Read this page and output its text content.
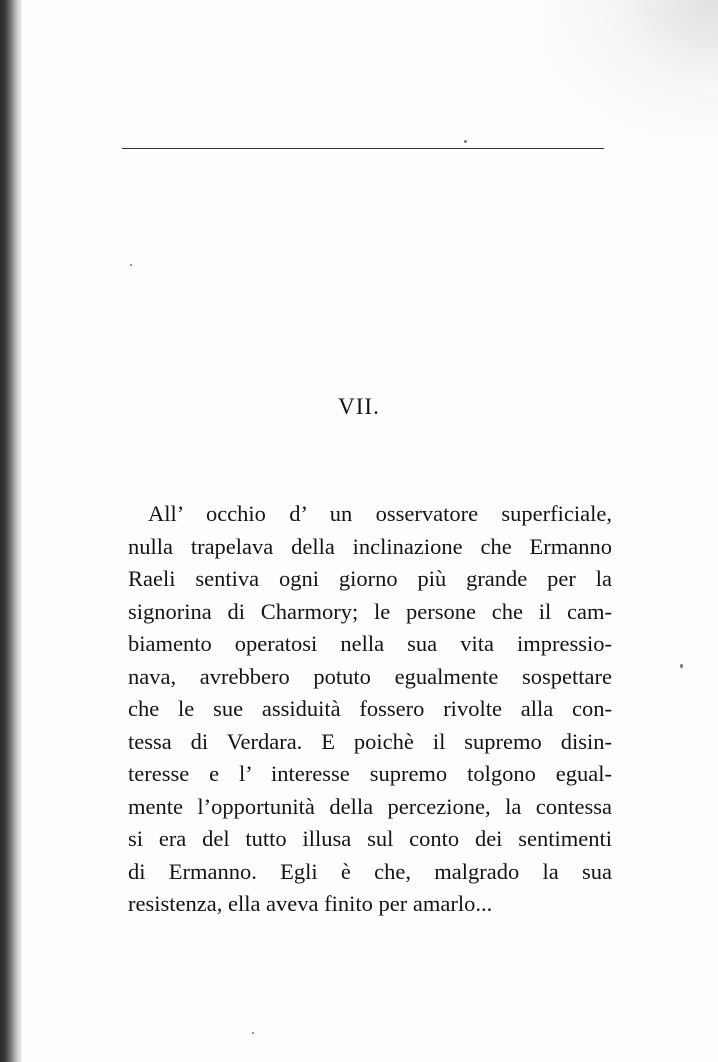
VII.
All’ occhio d’ un osservatore superficiale,
nulla trapelava della inclinazione che Ermanno
Raeli sentiva ogni giorno più grande per la
signorina di Charmory; le persone che il cam-
biamento operatosi nella sua vita impressio-
nava, avrebbero potuto egualmente sospettare
che le sue assiduità fossero rivolte alla con-
tessa di Verdara. E poichè il supremo disin-
teresse e l’ interesse supremo tolgono egual-
mente l’opportunità della percezione, la contessa
si era del tutto illusa sul conto dei sentimenti
di Ermanno. Egli è che, malgrado la sua
resistenza, ella aveva finito per amarlo...
